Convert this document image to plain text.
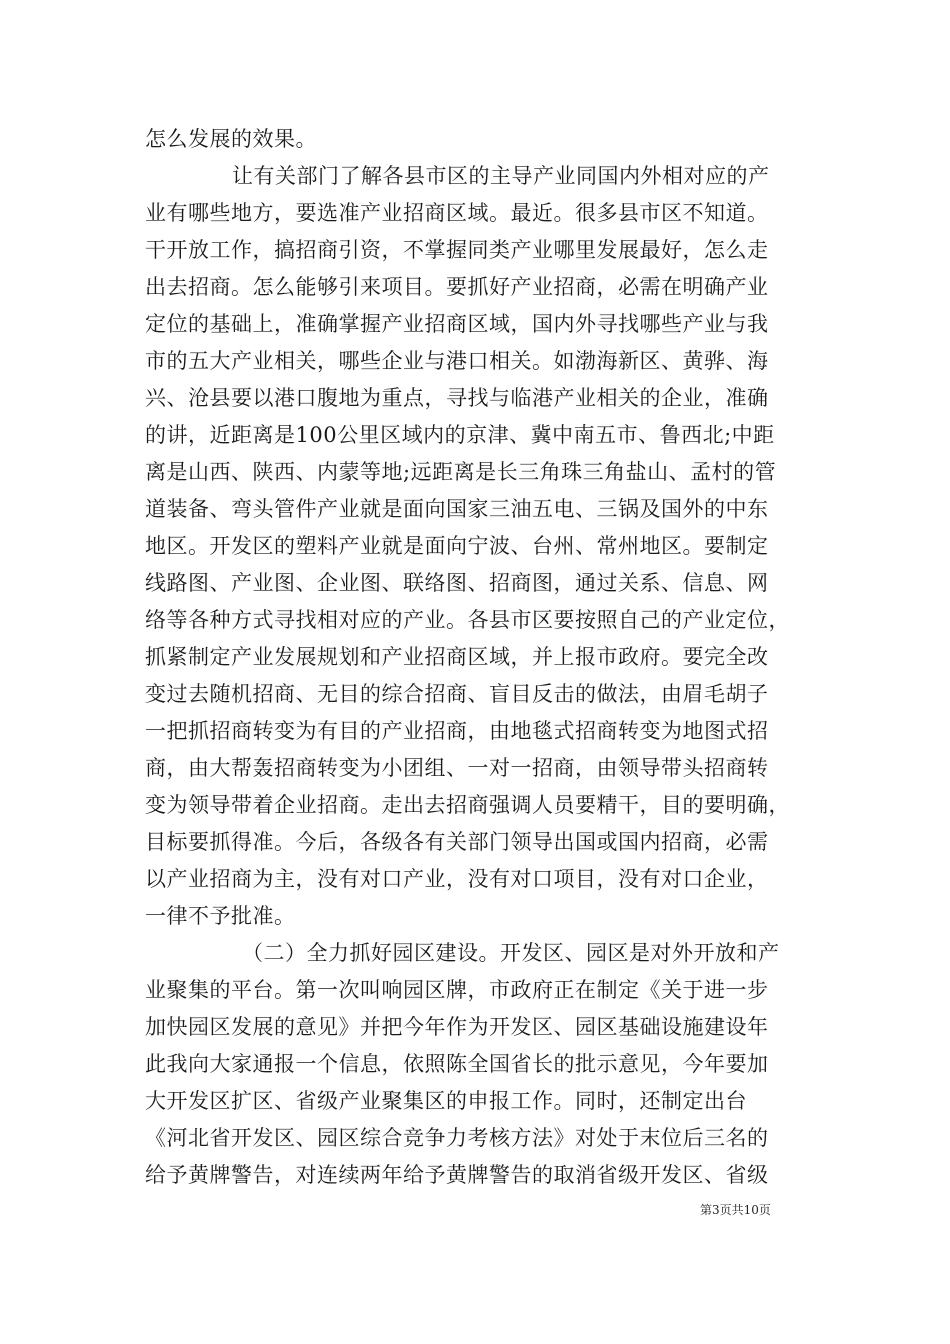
怎么发展的效果。
让有关部门了解各县市区的主导产业同国内外相对应的产
业有哪些地方，要选准产业招商区域。最近。很多县市区不知道。
干开放工作，搞招商引资，不掌握同类产业哪里发展最好，怎么走
出去招商。怎么能够引来项目。要抓好产业招商，必需在明确产业
定位的基础上，准确掌握产业招商区域，国内外寻找哪些产业与我
市的五大产业相关，哪些企业与港口相关。如渤海新区、黄骅、海
兴、沧县要以港口腹地为重点，寻找与临港产业相关的企业，准确
的讲，近距离是100公里区域内的京津、冀中南五市、鲁西北;中距
离是山西、陕西、内蒙等地;远距离是长三角珠三角盐山、孟村的管
道装备、弯头管件产业就是面向国家三油五电、三锅及国外的中东
地区。开发区的塑料产业就是面向宁波、台州、常州地区。要制定
线路图、产业图、企业图、联络图、招商图，通过关系、信息、网
络等各种方式寻找相对应的产业。各县市区要按照自己的产业定位，
抓紧制定产业发展规划和产业招商区域，并上报市政府。要完全改
变过去随机招商、无目的综合招商、盲目反击的做法，由眉毛胡子
一把抓招商转变为有目的产业招商，由地毯式招商转变为地图式招
商，由大帮轰招商转变为小团组、一对一招商，由领导带头招商转
变为领导带着企业招商。走出去招商强调人员要精干，目的要明确，
目标要抓得准。今后，各级各有关部门领导出国或国内招商，必需
以产业招商为主，没有对口产业，没有对口项目，没有对口企业，
一律不予批准。
（二）全力抓好园区建设。开发区、园区是对外开放和产
业聚集的平台。第一次叫响园区牌，市政府正在制定《关于进一步
加快园区发展的意见》并把今年作为开发区、园区基础设施建设年
此我向大家通报一个信息，依照陈全国省长的批示意见，今年要加
大开发区扩区、省级产业聚集区的申报工作。同时，还制定出台
《河北省开发区、园区综合竞争力考核方法》对处于末位后三名的
给予黄牌警告，对连续两年给予黄牌警告的取消省级开发区、省级
第3页共10页
